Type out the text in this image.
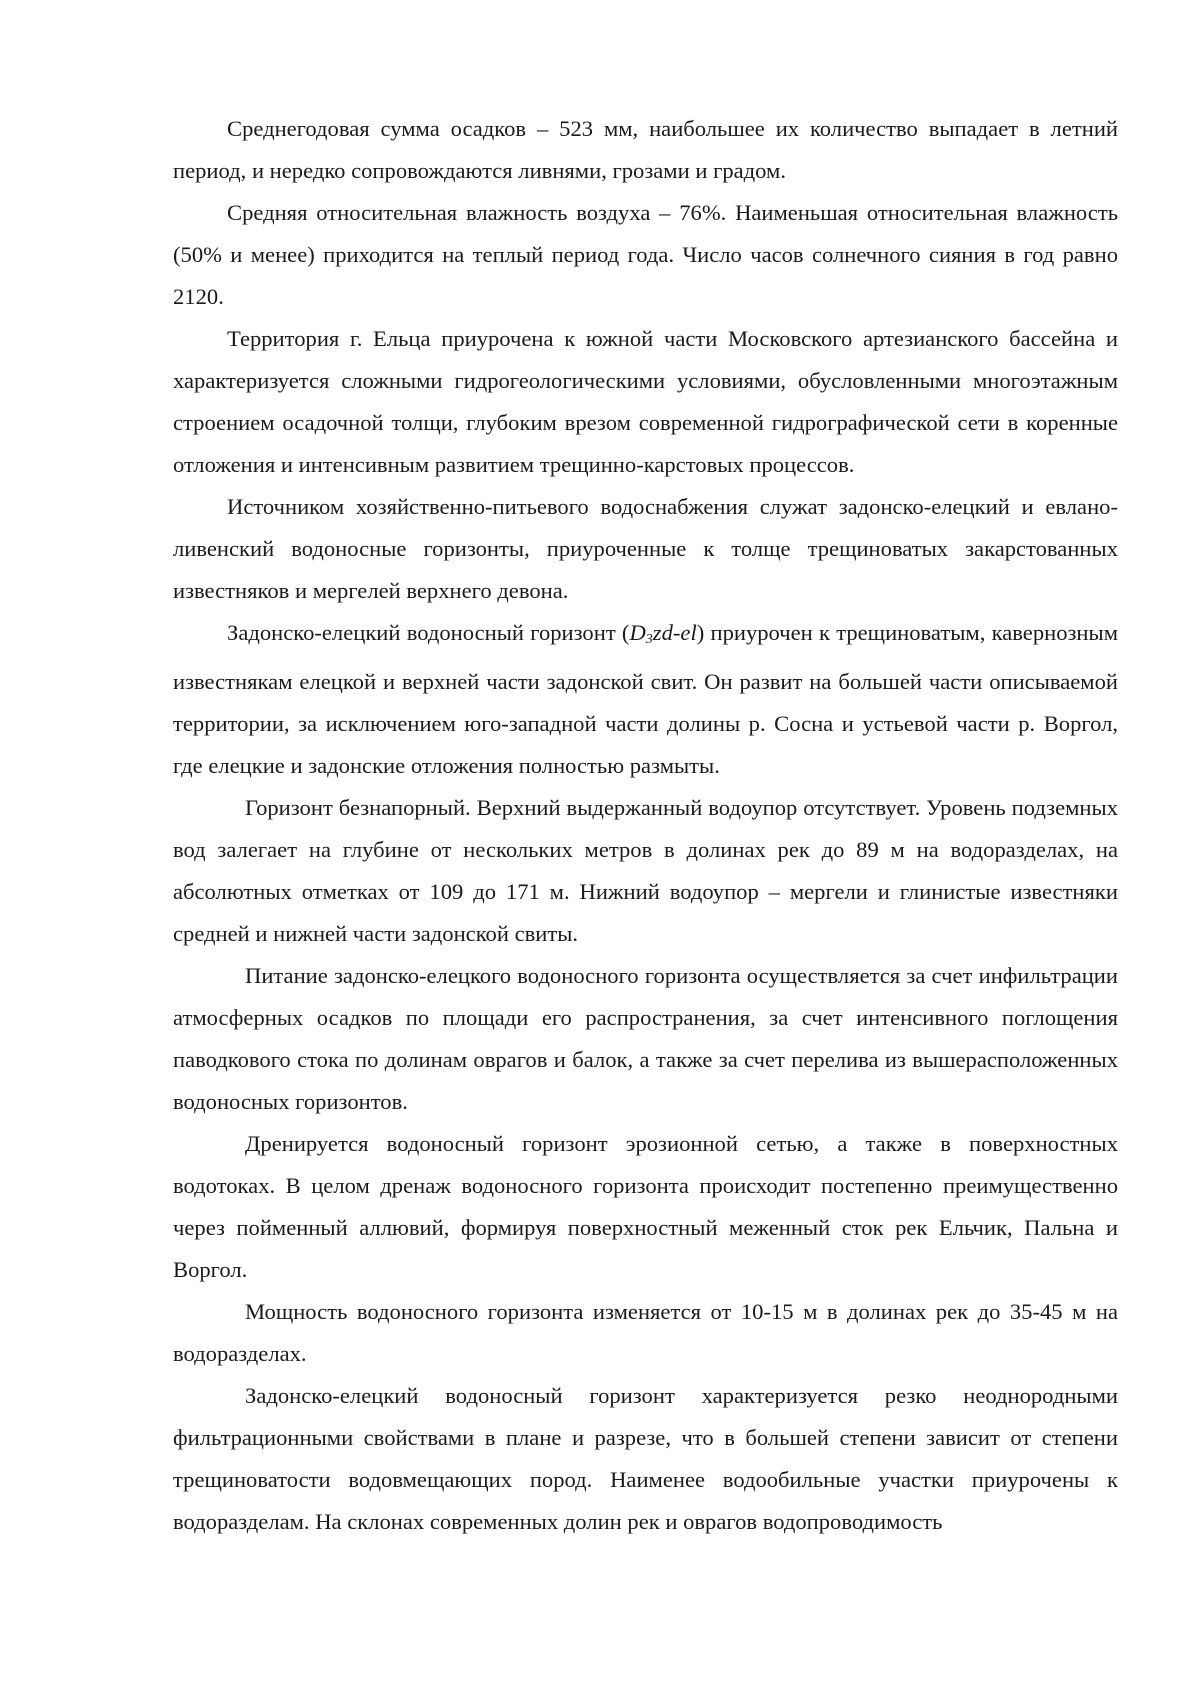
Среднегодовая сумма осадков – 523 мм, наибольшее их количество выпадает в летний период, и нередко сопровождаются ливнями, грозами и градом.

Средняя относительная влажность воздуха – 76%. Наименьшая относительная влажность (50% и менее) приходится на теплый период года. Число часов солнечного сияния в год равно 2120.

Территория г. Ельца приурочена к южной части Московского артезианского бассейна и характеризуется сложными гидрогеологическими условиями, обусловленными многоэтажным строением осадочной толщи, глубоким врезом современной гидрографической сети в коренные отложения и интенсивным развитием трещинно-карстовых процессов.

Источником хозяйственно-питьевого водоснабжения служат задонско-елецкий и евлано-ливенский водоносные горизонты, приуроченные к толще трещиноватых закарстованных известняков и мергелей верхнего девона.

Задонско-елецкий водоносный горизонт $(D_3zd-el)$ приурочен к трещиноватым, кавернозным известнякам елецкой и верхней части задонской свит. Он развит на большей части описываемой территории, за исключением юго-западной части долины р. Сосна и устьевой части р. Воргол, где елецкие и задонские отложения полностью размыты.

Горизонт безнапорный. Верхний выдержанный водоупор отсутствует. Уровень подземных вод залегает на глубине от нескольких метров в долинах рек до 89 м на водоразделах, на абсолютных отметках от 109 до 171 м. Нижний водоупор – мергели и глинистые известняки средней и нижней части задонской свиты.

Питание задонско-елецкого водоносного горизонта осуществляется за счет инфильтрации атмосферных осадков по площади его распространения, за счет интенсивного поглощения паводкового стока по долинам оврагов и балок, а также за счет перелива из вышерасположенных водоносных горизонтов.

Дренируется водоносный горизонт эрозионной сетью, а также в поверхностных водотоках. В целом дренаж водоносного горизонта происходит постепенно преимущественно через пойменный аллювий, формируя поверхностный меженный сток рек Ельчик, Пальна и Воргол.

Мощность водоносного горизонта изменяется от 10-15 м в долинах рек до 35-45 м на водоразделах.

Задонско-елецкий водоносный горизонт характеризуется резко неоднородными фильтрационными свойствами в плане и разрезе, что в большей степени зависит от степени трещиноватости водовмещающих пород. Наименее водообильные участки приурочены к водоразделам. На склонах современных долин рек и оврагов водопроводимость
